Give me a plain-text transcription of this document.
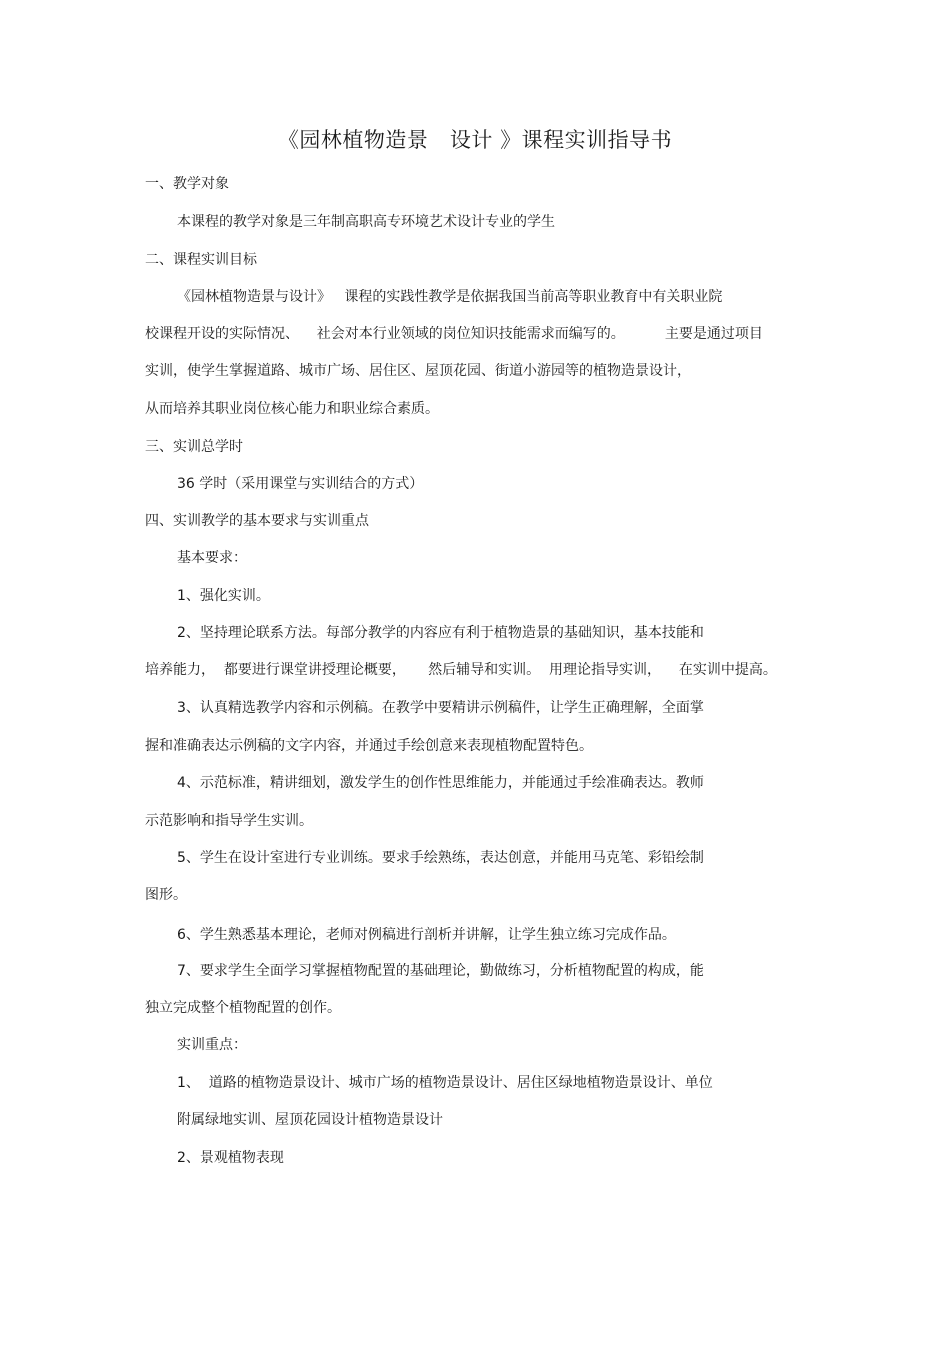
《园林植物造景   设计 》课程实训指导书
一、教学对象
本课程的教学对象是三年制高职高专环境艺术设计专业的学生
二、课程实训目标
《园林植物造景与设计》   课程的实践性教学是依据我国当前高等职业教育中有关职业院
校课程开设的实际情况、    社会对本行业领域的岗位知识技能需求而编写的。         主要是通过项目
实训，使学生掌握道路、城市广场、居住区、屋顶花园、街道小游园等的植物造景设计，
从而培养其职业岗位核心能力和职业综合素质。
三、实训总学时
36 学时（采用课堂与实训结合的方式）
四、实训教学的基本要求与实训重点
基本要求：
1、强化实训。
2、坚持理论联系方法。每部分教学的内容应有利于植物造景的基础知识，基本技能和
培养能力，  都要进行课堂讲授理论概要，     然后辅导和实训。  用理论指导实训，    在实训中提高。
3、认真精选教学内容和示例稿。在教学中要精讲示例稿件，让学生正确理解，全面掌
握和准确表达示例稿的文字内容，并通过手绘创意来表现植物配置特色。
4、示范标准，精讲细划，激发学生的创作性思维能力，并能通过手绘准确表达。教师
示范影响和指导学生实训。
5、学生在设计室进行专业训练。要求手绘熟练，表达创意，并能用马克笔、彩铅绘制
图形。
6、学生熟悉基本理论，老师对例稿进行剖析并讲解，让学生独立练习完成作品。
7、要求学生全面学习掌握植物配置的基础理论，勤做练习，分析植物配置的构成，能
独立完成整个植物配置的创作。
实训重点：
1、  道路的植物造景设计、城市广场的植物造景设计、居住区绿地植物造景设计、单位
附属绿地实训、屋顶花园设计植物造景设计
2、景观植物表现
